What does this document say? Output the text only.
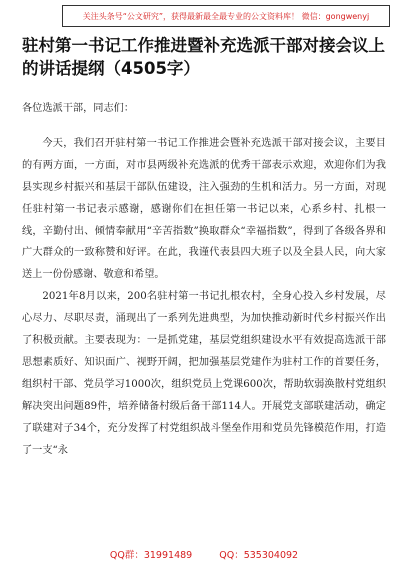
关注头条号“公文研究”，获得最新最全最专业的公文资料库！ 微信：gongwenyj
驻村第一书记工作推进暨补充选派干部对接会议上的讲话提纲（4505字）

各位选派干部，同志们：

今天，我们召开驻村第一书记工作推进会暨补充选派干部对接会议，主要目的有两方面，一方面，对市县两级补充选派的优秀干部表示欢迎，欢迎你们为我县实现乡村振兴和基层干部队伍建设，注入强劲的生机和活力。另一方面，对现任驻村第一书记表示感谢，感谢你们在担任第一书记以来，心系乡村、扎根一线，辛勤付出、倾情奉献用“辛苦指数”换取群众“幸福指数”，得到了各级各界和广大群众的一致称赞和好评。在此，我谨代表县四大班子以及全县人民，向大家送上一份份感谢、敬意和希望。

2021年8月以来，200名驻村第一书记扎根农村，全身心投入乡村发展，尽心尽力、尽职尽责，涌现出了一系列先进典型，为加快推动新时代乡村振兴作出了积极贡献。主要表现为：一是抓党建，基层党组织建设水平有效提高选派干部思想素质好、知识面广、视野开阔，把加强基层党建作为驻村工作的首要任务，组织村干部、党员学习1000次，组织党员上党课600次，帮助软弱涣散村党组织解决突出问题89件，培养储备村级后备干部114人。开展党支部联建活动，确定了联建对子34个，充分发挥了村党组织战斗堡垒作用和党员先锋模范作用，打造了一支“永

QQ群：31991489	QQ：535304092
